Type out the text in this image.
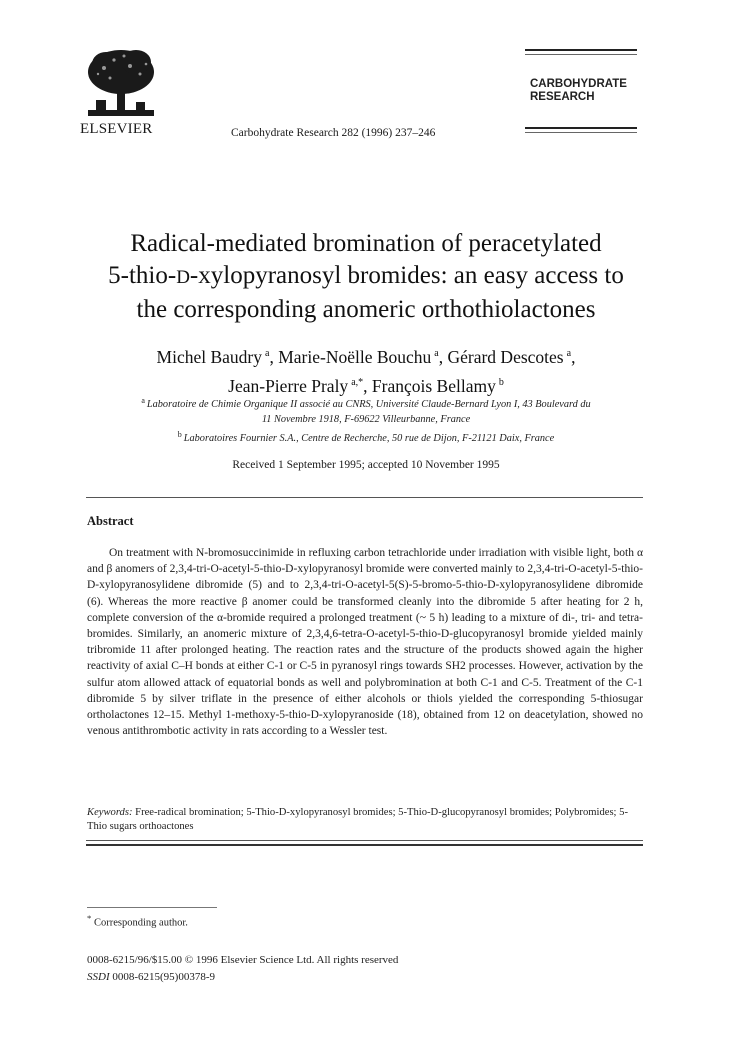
ELSEVIER	Carbohydrate Research 282 (1996) 237–246
CARBOHYDRATE
RESEARCH
Radical-mediated bromination of peracetylated
5-thio-D-xylopyranosyl bromides: an easy access to
the corresponding anomeric orthothiolactones
Michel Baudry $^a$, Marie-Noëlle Bouchu $^a$, Gérard Descotes $^a$,
Jean-Pierre Praly $^{a,*}$, François Bellamy $^b$
$^a$ Laboratoire de Chimie Organique II associé au CNRS, Université Claude-Bernard Lyon I, 43 Boulevard du
11 Novembre 1918, F-69622 Villeurbanne, France
$^b$ Laboratoires Fournier S.A., Centre de Recherche, 50 rue de Dijon, F-21121 Daix, France
Received 1 September 1995; accepted 10 November 1995
Abstract

On treatment with N-bromosuccinimide in refluxing carbon tetrachloride under irradiation with visible light, both α and β anomers of 2,3,4-tri-O-acetyl-5-thio-D-xylopyranosyl bromide were converted mainly to 2,3,4-tri-O-acetyl-5-thio-D-xylopyranosylidene dibromide (5) and to 2,3,4-tri-O-acetyl-5(S)-5-bromo-5-thio-D-xylopyranosylidene dibromide (6). Whereas the more reactive β anomer could be transformed cleanly into the dibromide 5 after heating for 2 h, complete conversion of the α-bromide required a prolonged treatment (~ 5 h) leading to a mixture of di-, tri- and tetra-bromides. Similarly, an anomeric mixture of 2,3,4,6-tetra-O-acetyl-5-thio-D-glucopyranosyl bromide yielded mainly tribromide 11 after prolonged heating. The reaction rates and the structure of the products showed again the higher reactivity of axial C–H bonds at either C-1 or C-5 in pyranosyl rings towards SH2 processes. However, activation by the sulfur atom allowed attack of equatorial bonds as well and polybromination at both C-1 and C-5. Treatment of the C-1 dibromide 5 by silver triflate in the presence of either alcohols or thiols yielded the corresponding 5-thiosugar ortholactones 12–15. Methyl 1-methoxy-5-thio-D-xylopyranoside (18), obtained from 12 on deacetylation, showed no venous antithrombotic activity in rats according to a Wessler test.

Keywords: Free-radical bromination; 5-Thio-D-xylopyranosyl bromides; 5-Thio-D-glucopyranosyl bromides; Polybromides; 5-Thio sugars orthoactones
* Corresponding author.
0008-6215/96/$15.00 © 1996 Elsevier Science Ltd. All rights reserved
SSDI 0008-6215(95)00378-9
